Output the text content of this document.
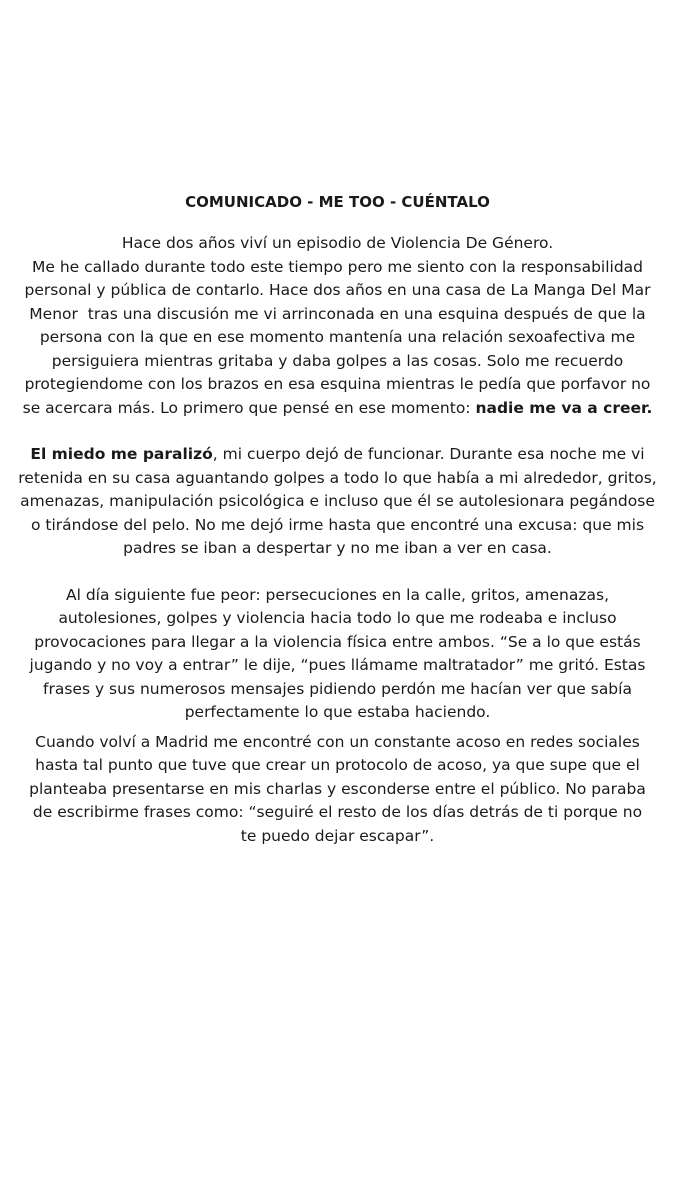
COMUNICADO - ME TOO - CUÉNTALO
Hace dos años viví un episodio de Violencia De Género.
Me he callado durante todo este tiempo pero me siento con la responsabilidad
personal y pública de contarlo. Hace dos años en una casa de La Manga Del Mar
Menor  tras una discusión me vi arrinconada en una esquina después de que la
persona con la que en ese momento mantenía una relación sexoafectiva me
persiguiera mientras gritaba y daba golpes a las cosas. Solo me recuerdo
protegiendome con los brazos en esa esquina mientras le pedía que porfavor no
se acercara más. Lo primero que pensé en ese momento: nadie me va a creer.
El miedo me paralizó, mi cuerpo dejó de funcionar. Durante esa noche me vi
retenida en su casa aguantando golpes a todo lo que había a mi alrededor, gritos,
amenazas, manipulación psicológica e incluso que él se autolesionara pegándose
o tirándose del pelo. No me dejó irme hasta que encontré una excusa: que mis
padres se iban a despertar y no me iban a ver en casa.
Al día siguiente fue peor: persecuciones en la calle, gritos, amenazas,
autolesiones, golpes y violencia hacia todo lo que me rodeaba e incluso
provocaciones para llegar a la violencia física entre ambos. “Se a lo que estás
jugando y no voy a entrar” le dije, “pues llámame maltratador” me gritó. Estas
frases y sus numerosos mensajes pidiendo perdón me hacían ver que sabía
perfectamente lo que estaba haciendo.
Cuando volví a Madrid me encontré con un constante acoso en redes sociales
hasta tal punto que tuve que crear un protocolo de acoso, ya que supe que el
planteaba presentarse en mis charlas y esconderse entre el público. No paraba
de escribirme frases como: “seguiré el resto de los días detrás de ti porque no
te puedo dejar escapar”.
